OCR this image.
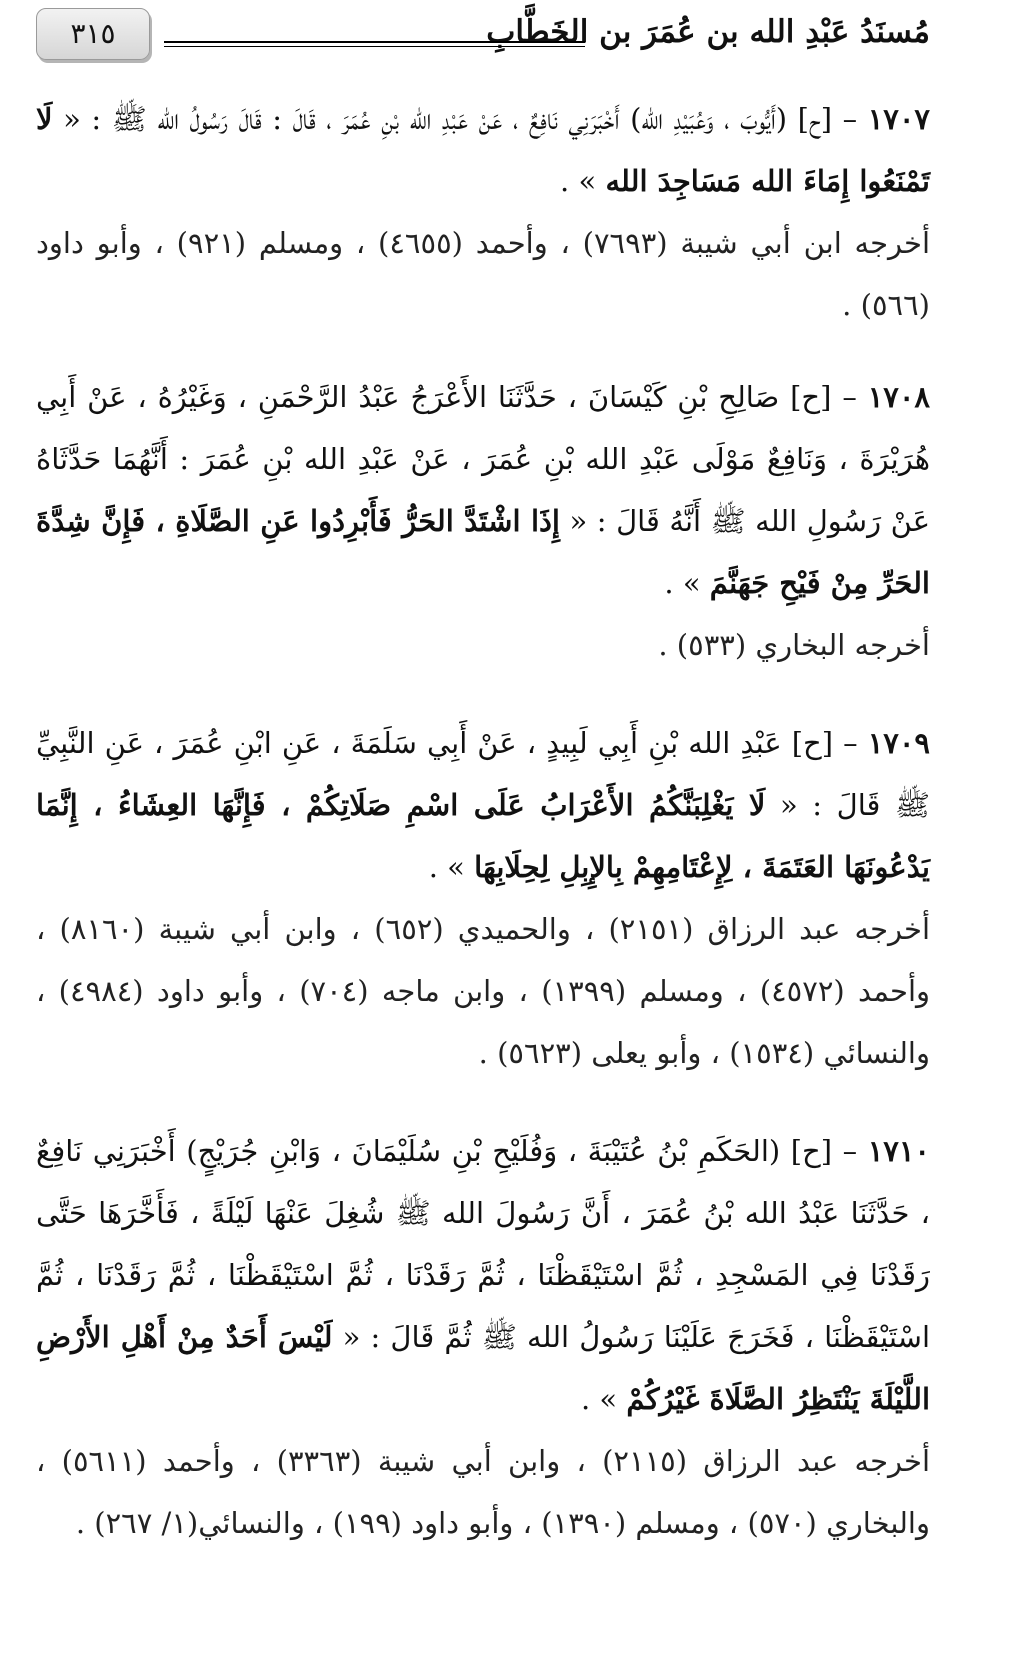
مُسنَدُ عَبْدِ الله بن عُمَرَ بن الخَطَّابِ
٣١٥

١٧٠٧ – [ح] (أَيُّوبَ ، وَعُبَيْدِ الله) أَخْبَرَنِي نَافِعٌ ، عَنْ عَبْدِ الله بْنِ عُمَرَ ، قَالَ : قَالَ رَسُولُ الله ﷺ : « لَا تَمْنَعُوا إِمَاءَ الله مَسَاجِدَ الله » .

أخرجه ابن أبي شيبة (٧٦٩٣) ، وأحمد (٤٦٥٥) ، ومسلم (٩٢١) ، وأبو داود (٥٦٦) .

١٧٠٨ – [ح] صَالِحِ بْنِ كَيْسَانَ ، حَدَّثَنَا الأَعْرَجُ عَبْدُ الرَّحْمَنِ ، وَغَيْرُهُ ، عَنْ أَبِي هُرَيْرَةَ ، وَنَافِعٌ مَوْلَى عَبْدِ الله بْنِ عُمَرَ ، عَنْ عَبْدِ الله بْنِ عُمَرَ : أَنَّهُمَا حَدَّثَاهُ عَنْ رَسُولِ الله ﷺ أَنَّهُ قَالَ : « إِذَا اشْتَدَّ الحَرُّ فَأَبْرِدُوا عَنِ الصَّلَاةِ ، فَإِنَّ شِدَّةَ الحَرِّ مِنْ فَيْحِ جَهَنَّمَ » .

أخرجه البخاري (٥٣٣) .

١٧٠٩ – [ح] عَبْدِ الله بْنِ أَبِي لَبِيدٍ ، عَنْ أَبِي سَلَمَةَ ، عَنِ ابْنِ عُمَرَ ، عَنِ النَّبِيِّ ﷺ قَالَ : « لَا يَغْلِبَنَّكُمُ الأَعْرَابُ عَلَى اسْمِ صَلَاتِكُمْ ، فَإِنَّهَا العِشَاءُ ، إِنَّمَا يَدْعُونَهَا العَتَمَةَ ، لِإِعْتَامِهِمْ بِالإِبِلِ لِحِلَابِهَا » .

أخرجه عبد الرزاق (٢١٥١) ، والحميدي (٦٥٢) ، وابن أبي شيبة (٨١٦٠) ، وأحمد (٤٥٧٢) ، ومسلم (١٣٩٩) ، وابن ماجه (٧٠٤) ، وأبو داود (٤٩٨٤) ، والنسائي (١٥٣٤) ، وأبو يعلى (٥٦٢٣) .

١٧١٠ – [ح] (الحَكَمِ بْنُ عُتَيْبَةَ ، وَفُلَيْحِ بْنِ سُلَيْمَانَ ، وَابْنِ جُرَيْجٍ) أَخْبَرَنِي نَافِعٌ ، حَدَّثَنَا عَبْدُ الله بْنُ عُمَرَ ، أَنَّ رَسُولَ الله ﷺ شُغِلَ عَنْهَا لَيْلَةً ، فَأَخَّرَهَا حَتَّى رَقَدْنَا فِي المَسْجِدِ ، ثُمَّ اسْتَيْقَظْنَا ، ثُمَّ رَقَدْنَا ، ثُمَّ اسْتَيْقَظْنَا ، ثُمَّ رَقَدْنَا ، ثُمَّ اسْتَيْقَظْنَا ، فَخَرَجَ عَلَيْنَا رَسُولُ الله ﷺ ثُمَّ قَالَ : « لَيْسَ أَحَدٌ مِنْ أَهْلِ الأَرْضِ اللَّيْلَةَ يَنْتَظِرُ الصَّلَاةَ غَيْرُكُمْ » .

أخرجه عبد الرزاق (٢١١٥) ، وابن أبي شيبة (٣٣٦٣) ، وأحمد (٥٦١١) ، والبخاري (٥٧٠) ، ومسلم (١٣٩٠) ، وأبو داود (١٩٩) ، والنسائي(١/ ٢٦٧) .
